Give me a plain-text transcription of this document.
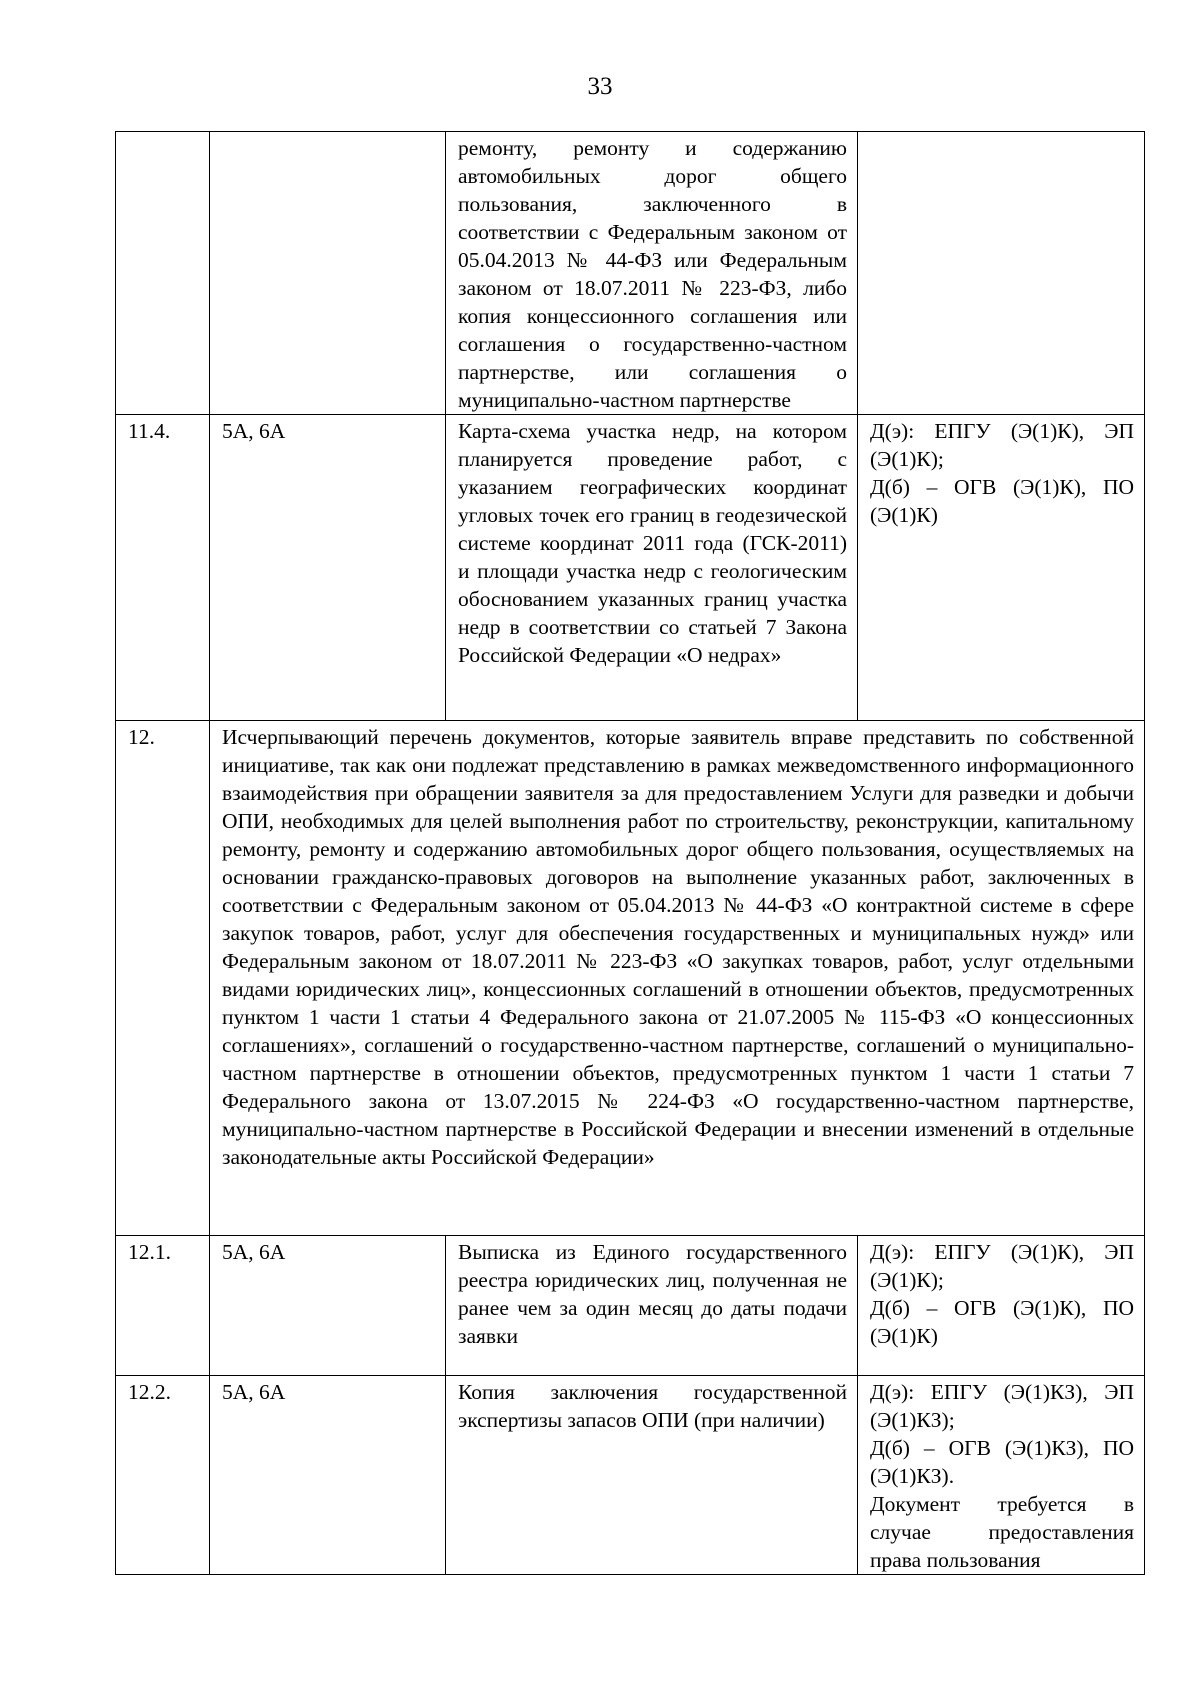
33
		ремонту, ремонту и содержанию автомобильных дорог общего пользования, заключенного в соответствии с Федеральным законом от 05.04.2013 № 44-ФЗ или Федеральным законом от 18.07.2011 № 223-ФЗ, либо копия концессионного соглашения или соглашения о государственно-частном партнерстве, или соглашения о муниципально-частном партнерстве	
11.4.	5А, 6А	Карта-схема участка недр, на котором планируется проведение работ, с указанием географических координат угловых точек его границ в геодезической системе координат 2011 года (ГСК-2011) и площади участка недр с геологическим обоснованием указанных границ участка недр в соответствии со статьей 7 Закона Российской Федерации «О недрах»	Д(э): ЕПГУ (Э(1)К), ЭП (Э(1)К);
Д(б) – ОГВ (Э(1)К), ПО (Э(1)К)

12.	Исчерпывающий перечень документов, которые заявитель вправе представить по собственной инициативе, так как они подлежат представлению в рамках межведомственного информационного взаимодействия при обращении заявителя за для предоставлением Услуги для разведки и добычи ОПИ, необходимых для целей выполнения работ по строительству, реконструкции, капитальному ремонту, ремонту и содержанию автомобильных дорог общего пользования, осуществляемых на основании гражданско-правовых договоров на выполнение указанных работ, заключенных в соответствии с Федеральным законом от 05.04.2013 № 44-ФЗ «О контрактной системе в сфере закупок товаров, работ, услуг для обеспечения государственных и муниципальных нужд» или Федеральным законом от 18.07.2011 № 223-ФЗ «О закупках товаров, работ, услуг отдельными видами юридических лиц», концессионных соглашений в отношении объектов, предусмотренных пунктом 1 части 1 статьи 4 Федерального закона от 21.07.2005 № 115-ФЗ «О концессионных соглашениях», соглашений о государственно-частном партнерстве, соглашений о муниципально-частном партнерстве в отношении объектов, предусмотренных пунктом 1 части 1 статьи 7 Федерального закона от 13.07.2015 № 224-ФЗ «О государственно-частном партнерстве, муниципально-частном партнерстве в Российской Федерации и внесении изменений в отдельные законодательные акты Российской Федерации»		
12.1.	5А, 6А	Выписка из Единого государственного реестра юридических лиц, полученная не ранее чем за один месяц до даты подачи заявки	Д(э): ЕПГУ (Э(1)К), ЭП (Э(1)К);
Д(б) – ОГВ (Э(1)К), ПО (Э(1)К)

12.2.	5А, 6А	Копия заключения государственной экспертизы запасов ОПИ (при наличии)	Д(э): ЕПГУ (Э(1)КЗ), ЭП (Э(1)КЗ);
Д(б) – ОГВ (Э(1)КЗ), ПО (Э(1)КЗ).
Документ требуется в случае предоставления права пользования
